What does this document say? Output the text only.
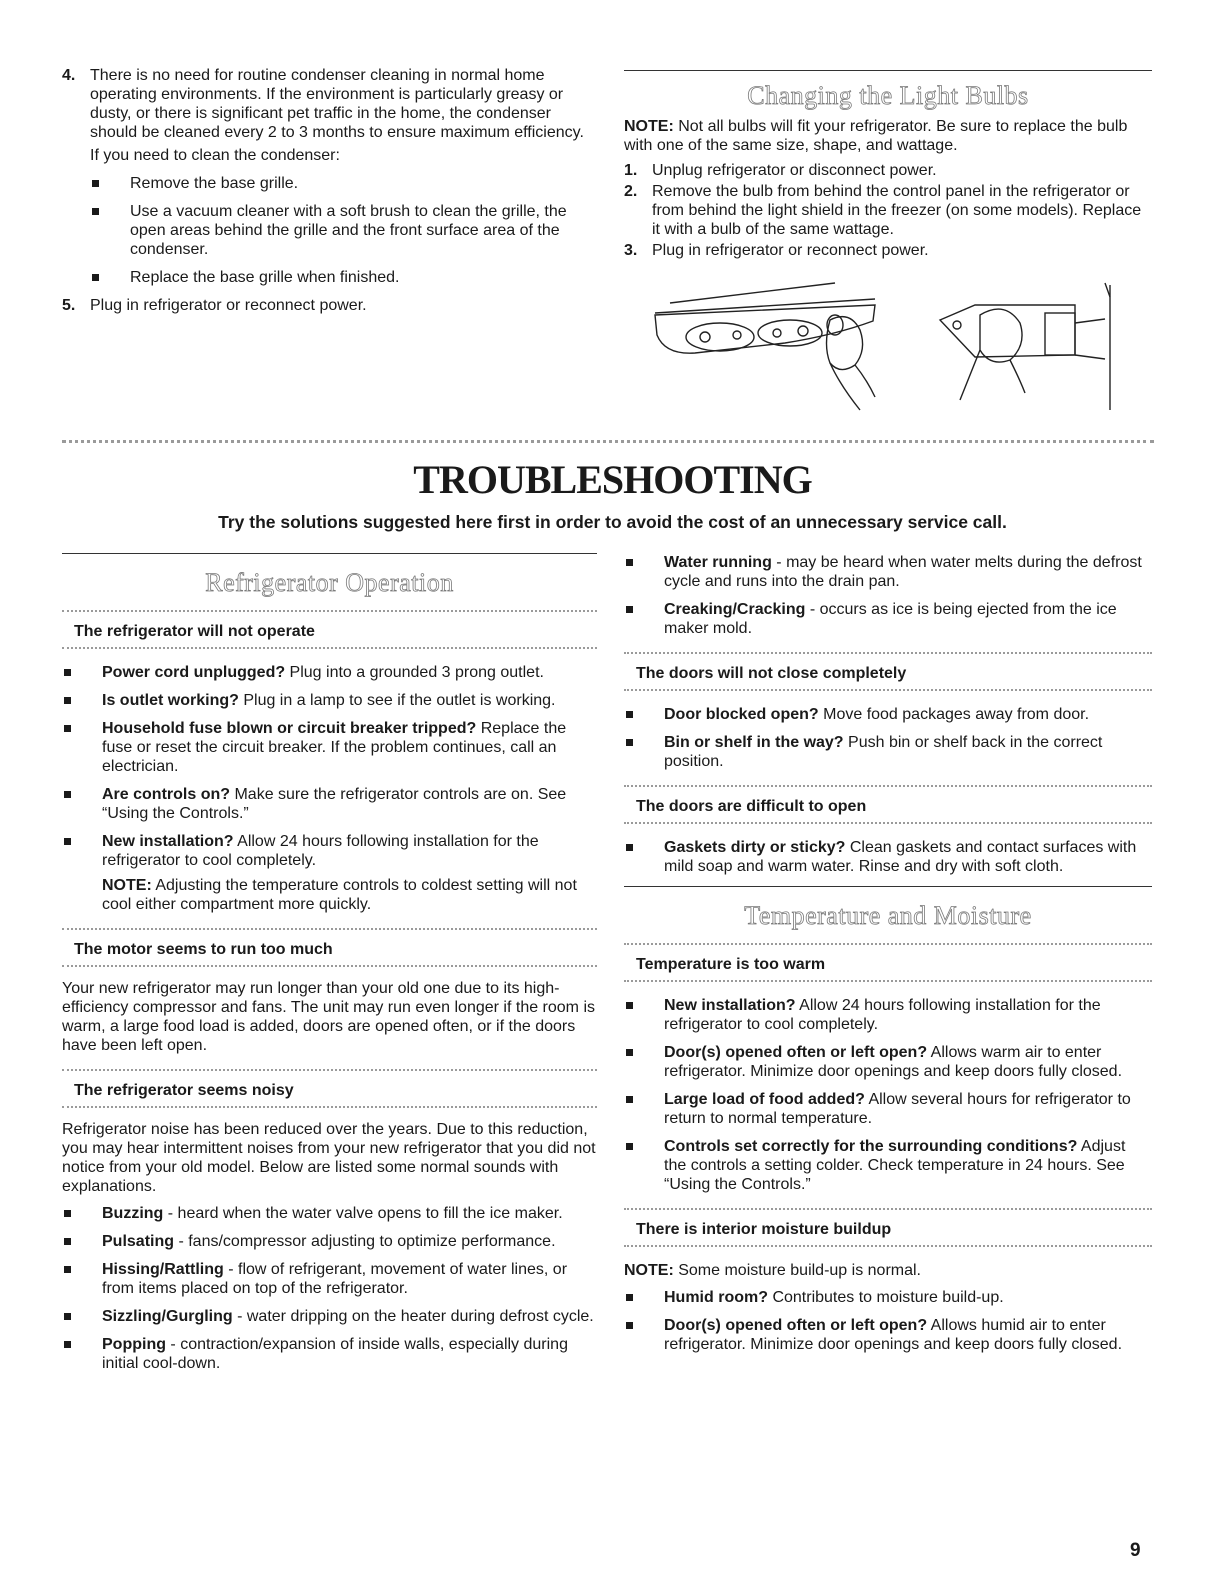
4. There is no need for routine condenser cleaning in normal home operating environments. If the environment is particularly greasy or dusty, or there is significant pet traffic in the home, the condenser should be cleaned every 2 to 3 months to ensure maximum efficiency.

If you need to clean the condenser:

Remove the base grille.
Use a vacuum cleaner with a soft brush to clean the grille, the open areas behind the grille and the front surface area of the condenser.
Replace the base grille when finished.
5. Plug in refrigerator or reconnect power.
Changing the Light Bulbs

NOTE: Not all bulbs will fit your refrigerator. Be sure to replace the bulb with one of the same size, shape, and wattage.

1. Unplug refrigerator or disconnect power.
2. Remove the bulb from behind the control panel in the refrigerator or from behind the light shield in the freezer (on some models). Replace it with a bulb of the same wattage.
3. Plug in refrigerator or reconnect power.
TROUBLESHOOTING
Try the solutions suggested here first in order to avoid the cost of an unnecessary service call.
Refrigerator Operation
The refrigerator will not operate
Power cord unplugged? Plug into a grounded 3 prong outlet.
Is outlet working? Plug in a lamp to see if the outlet is working.
Household fuse blown or circuit breaker tripped? Replace the fuse or reset the circuit breaker. If the problem continues, call an electrician.
Are controls on? Make sure the refrigerator controls are on. See “Using the Controls.”
New installation? Allow 24 hours following installation for the refrigerator to cool completely.

NOTE: Adjusting the temperature controls to coldest setting will not cool either compartment more quickly.

The motor seems to run too much

Your new refrigerator may run longer than your old one due to its high-efficiency compressor and fans. The unit may run even longer if the room is warm, a large food load is added, doors are opened often, or if the doors have been left open.

The refrigerator seems noisy

Refrigerator noise has been reduced over the years. Due to this reduction, you may hear intermittent noises from your new refrigerator that you did not notice from your old model. Below are listed some normal sounds with explanations.

Buzzing - heard when the water valve opens to fill the ice maker.
Pulsating - fans/compressor adjusting to optimize performance.
Hissing/Rattling - flow of refrigerant, movement of water lines, or from items placed on top of the refrigerator.
Sizzling/Gurgling - water dripping on the heater during defrost cycle.
Popping - contraction/expansion of inside walls, especially during initial cool-down.
Water running - may be heard when water melts during the defrost cycle and runs into the drain pan.
Creaking/Cracking - occurs as ice is being ejected from the ice maker mold.
The doors will not close completely
Door blocked open? Move food packages away from door.
Bin or shelf in the way? Push bin or shelf back in the correct position.
The doors are difficult to open
Gaskets dirty or sticky? Clean gaskets and contact surfaces with mild soap and warm water. Rinse and dry with soft cloth.
Temperature and Moisture
Temperature is too warm
New installation? Allow 24 hours following installation for the refrigerator to cool completely.
Door(s) opened often or left open? Allows warm air to enter refrigerator. Minimize door openings and keep doors fully closed.
Large load of food added? Allow several hours for refrigerator to return to normal temperature.
Controls set correctly for the surrounding conditions? Adjust the controls a setting colder. Check temperature in 24 hours. See “Using the Controls.”
There is interior moisture buildup

NOTE: Some moisture build-up is normal.

Humid room? Contributes to moisture build-up.
Door(s) opened often or left open? Allows humid air to enter refrigerator. Minimize door openings and keep doors fully closed.
9
